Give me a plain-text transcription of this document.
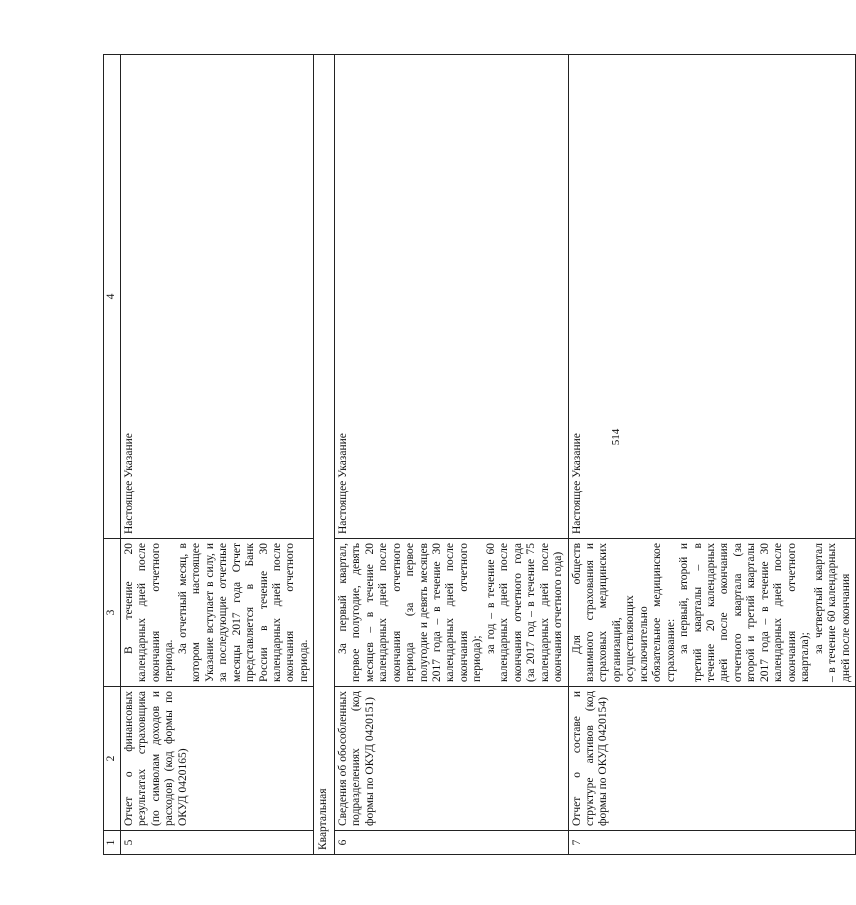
514
1	2	3	4
5	Отчет о финансовых результатах страховщика (по символам доходов и расходов) (код формы по ОКУД 0420165)	В течение 20 календарных дней после окончания отчетного периода.

За отчетный месяц, в котором настоящее Указание вступает в силу, и за последующие отчетные месяцы 2017 года Отчет представляется в Банк России в течение 30 календарных дней после окончания отчетного периода.	Настоящее Указание
Квартальная			
6	Сведения об обособленных подразделениях (код формы по ОКУД 0420151)	За первый квартал, первое полугодие, девять месяцев – в течение 20 календарных дней после окончания отчетного периода (за первое полугодие и девять месяцев 2017 года – в течение 30 календарных дней после окончания отчетного периода);

за год – в течение 60 календарных дней после окончания отчетного года (за 2017 год – в течение 75 календарных дней после окончания отчетного года)	Настоящее Указание
7	Отчет о составе и структуре активов (код формы по ОКУД 0420154)	Для обществ взаимного страхования и страховых медицинских организаций, осуществляющих исключительно обязательное медицинское страхование: за первый, второй и третий кварталы – в течение 20 календарных дней после окончания отчетного квартала (за второй и третий кварталы 2017 года – в течение 30 календарных дней после окончания отчетного квартала);

за четвертый квартал – в течение 60 календарных дней после окончания	Настоящее Указание
